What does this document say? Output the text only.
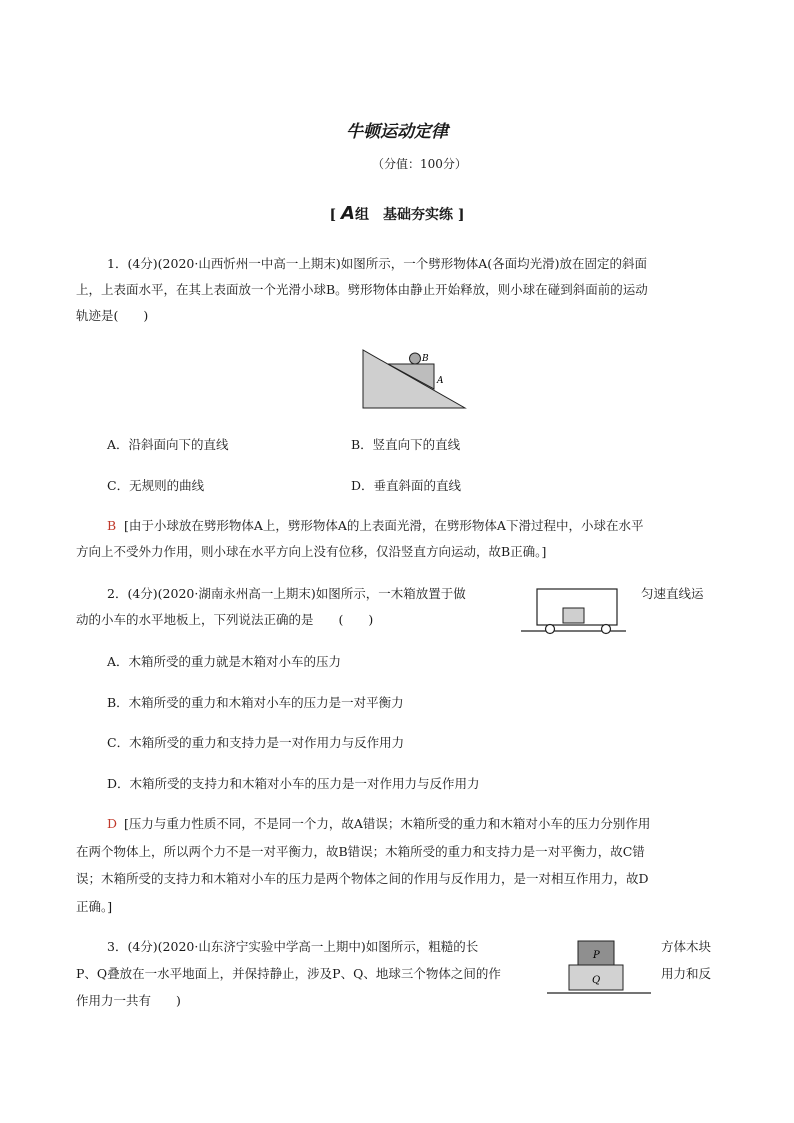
牛顿运动定律
（分值：100分）
[ A组　基础夯实练 ]
1．(4分)(2020·山西忻州一中高一上期末)如图所示，一个劈形物体A(各面均光滑)放在固定的斜面
上，上表面水平，在其上表面放一个光滑小球B。劈形物体由静止开始释放，则小球在碰到斜面前的运动
轨迹是(　　)
B
A
A．沿斜面向下的直线	B．竖直向下的直线
C．无规则的曲线	D．垂直斜面的直线
B [由于小球放在劈形物体A上，劈形物体A的上表面光滑，在劈形物体A下滑过程中，小球在水平
方向上不受外力作用，则小球在水平方向上没有位移，仅沿竖直方向运动，故B正确。]
2．(4分)(2020·湖南永州高一上期末)如图所示，一木箱放置于做	匀速直线运
动的小车的水平地板上，下列说法正确的是　　(　　)
A．木箱所受的重力就是木箱对小车的压力
B．木箱所受的重力和木箱对小车的压力是一对平衡力
C．木箱所受的重力和支持力是一对作用力与反作用力
D．木箱所受的支持力和木箱对小车的压力是一对作用力与反作用力
D [压力与重力性质不同，不是同一个力，故A错误；木箱所受的重力和木箱对小车的压力分别作用
在两个物体上，所以两个力不是一对平衡力，故B错误；木箱所受的重力和支持力是一对平衡力，故C错
误；木箱所受的支持力和木箱对小车的压力是两个物体之间的作用与反作用力，是一对相互作用力，故D
正确。]
3．(4分)(2020·山东济宁实验中学高一上期中)如图所示，粗糙的长	方体木块
P、Q叠放在一水平地面上，并保持静止，涉及P、Q、地球三个物体之间的作	用力和反
作用力一共有　　)
P
Q
